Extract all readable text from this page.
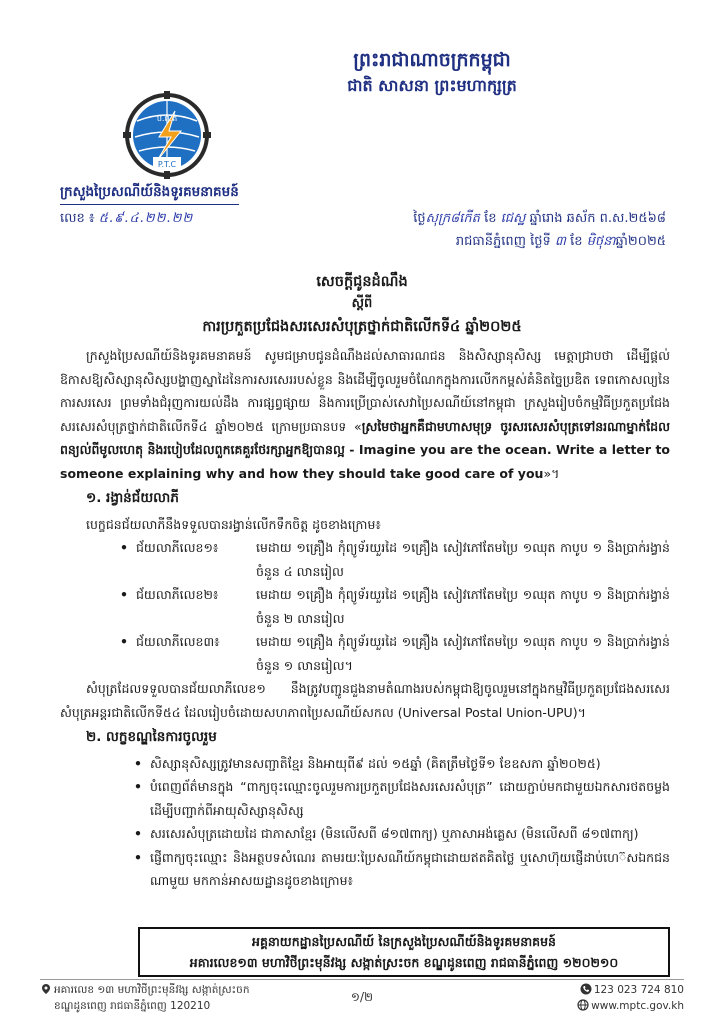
ព្រះរាជាណាចក្រកម្ពុជា
ជាតិ សាសនា ព្រះមហាក្សត្រ
ប.ព.ត
P.T.C
ក្រសួងប្រៃសណីយ៍និងទូរគមនាគមន៍
លេខ ៖ ៥.៩.៤.២២.២២	ថ្ងៃសុក្រ៨កើត ខែ ជេស្ឋ ឆ្នាំរោង ឆស័ក ព.ស.២៥៦៨
រាជធានីភ្នំពេញ ថ្ងៃទី ៣ ខែ មិថុនាឆ្នាំ២០២៥
សេចក្តីជូនដំណឹង
ស្តីពី
ការប្រកួតប្រជែងសរសេរសំបុត្រថ្នាក់ជាតិលើកទី៤ ឆ្នាំ២០២៥

ក្រសួងប្រៃសណីយ៍និងទូរគមនាគមន៍ សូមជម្រាបជូនដំណឹងដល់សាធារណជន និងសិស្សានុសិស្ស មេត្តាជ្រាបថា ដើម្បីផ្តល់ឱកាសឱ្យសិស្សានុសិស្សបង្ហាញស្នាដៃនៃការសរសេររបស់ខ្លួន និងដើម្បីចូលរួមចំណែកក្នុងការលើកកម្ពស់គំនិតច្នៃប្រឌិត ទេពកោសល្យនៃការសរសេរ ព្រមទាំងជំរុញការយល់ដឹង ការផ្សព្វផ្សាយ និងការប្រើប្រាស់សេវាប្រៃសណីយ៍នៅកម្ពុជា ក្រសួងរៀបចំកម្មវិធីប្រកួតប្រជែងសរសេរសំបុត្រថ្នាក់ជាតិលើកទី៤ ឆ្នាំ២០២៥ ក្រោមប្រធានបទ «ស្រមៃថាអ្នកគឺជាមហាសមុទ្រ ចូរសរសេរសំបុត្រទៅនរណាម្នាក់ដែលពន្យល់ពីមូលហេតុ និងរបៀបដែលពួកគេគួរថែរក្សាអ្នកឱ្យបានល្អ - Imagine you are the ocean. Write a letter to someone explaining why and how they should take good care of you»។

១. រង្វាន់ជ័យលាភី

បេក្ខជនជ័យលាភីនឹងទទួលបានរង្វាន់លើកទឹកចិត្ត ដូចខាងក្រោម៖

• ជ័យលាភីលេខ១៖	មេដាយ ១គ្រឿង កុំព្យូទ័រយួរដៃ ១គ្រឿង សៀវភៅតែមប្រៃ ១ឈុត កាបូប ១ និងប្រាក់រង្វាន់ចំនួន ៤ លានរៀល
• ជ័យលាភីលេខ២៖	មេដាយ ១គ្រឿង កុំព្យូទ័រយួរដៃ ១គ្រឿង សៀវភៅតែមប្រៃ ១ឈុត កាបូប ១ និងប្រាក់រង្វាន់ចំនួន ២ លានរៀល
• ជ័យលាភីលេខ៣៖	មេដាយ ១គ្រឿង កុំព្យូទ័រយួរដៃ ១គ្រឿង សៀវភៅតែមប្រៃ ១ឈុត កាបូប ១ និងប្រាក់រង្វាន់ចំនួន ១ លានរៀល។

សំបុត្រដែលទទួលបានជ័យលាភីលេខ១ នឹងត្រូវបញ្ជូនជួងនាមតំណាងរបស់កម្ពុជាឱ្យចូលរួមនៅក្នុងកម្មវិធីប្រកួតប្រជែងសរសេរសំបុត្រអន្តរជាតិលើកទី៥៤ ដែលរៀបចំដោយសហភាពប្រៃសណីយ៍សកល (Universal Postal Union-UPU)។

២. លក្ខខណ្ឌនៃការចូលរួម
• សិស្សានុសិស្សត្រូវមានសញ្ជាតិខ្មែរ និងអាយុពី៩ ដល់ ១៥ឆ្នាំ (គិតត្រឹមថ្ងៃទី១ ខែឧសភា ឆ្នាំ២០២៥)
• បំពេញព័ត៌មានក្នុង “ពាក្យចុះឈ្មោះចូលរួមការប្រកួតប្រជែងសរសេរសំបុត្រ” ដោយភ្ជាប់មកជាមួយឯកសារថតចម្លងដើម្បីបញ្ជាក់ពីអាយុសិស្សានុសិស្ស
• សរសេរសំបុត្រដោយដៃ ជាភាសាខ្មែរ (មិនលើសពី ៨១៧ពាក្យ) ឬភាសាអង់គ្លេស (មិនលើសពី ៨១៧ពាក្យ)
• ផ្ញើពាក្យចុះឈ្មោះ និងអត្ថបទសំណេរ តាមរយៈប្រៃសណីយ៍កម្ពុជាដោយឥតគិតថ្លៃ ឬសោហ៊ុយផ្ញើដាប់ហេ៊សឯកជនណាមួយ មកកាន់អាសយដ្ឋានដូចខាងក្រោម៖
អគ្គនាយកដ្ឋានប្រៃសណីយ៍ នៃក្រសួងប្រៃសណីយ៍និងទូរគមនាគមន៍
អគារលេខ១៣ មហាវិថីព្រះមុនីវង្ស សង្កាត់ស្រះចក ខណ្ឌដូនពេញ រាជធានីភ្នំពេញ ១២០២១០
អគារលេខ ១៣ មហាវិថីព្រះមុនីវង្ស សង្កាត់ស្រះចក
ខណ្ឌដូនពេញ រាជធានីភ្នំពេញ 120210
១/២	123 023 724 810
www.mptc.gov.kh
